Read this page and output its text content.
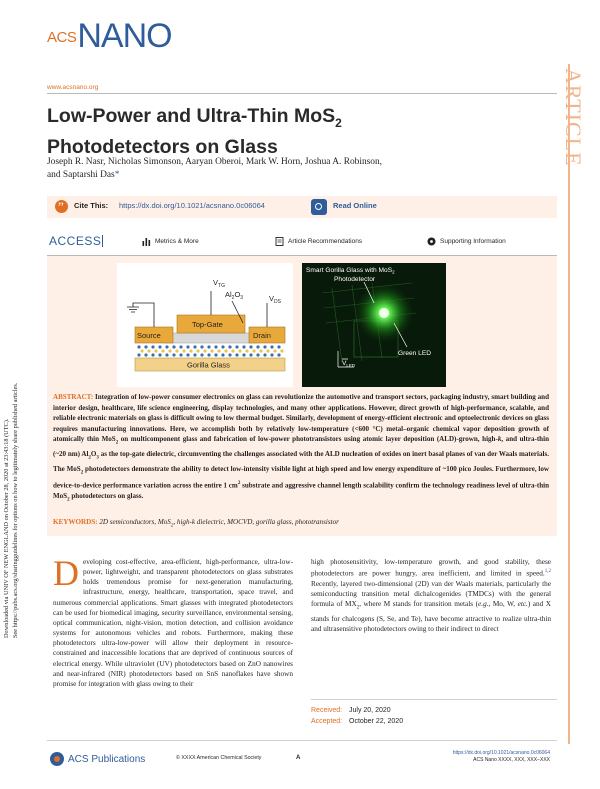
ACS NANO
www.acsnano.org	ARTICLE
Downloaded via UNIV OF NEW ENGLAND on October 28, 2020 at 23:43:18 (UTC). See https://pubs.acs.org/sharingguidelines for options on how to legitimately share published articles.
Low-Power and Ultra-Thin MoS$_2$
Photodetectors on Glass
Joseph R. Nasr, Nicholas Simonson, Aaryan Oberoi, Mark W. Horn, Joshua A. Robinson,
and Saptarshi Das*
”
Cite This: https://dx.doi.org/10.1021/acsnano.0c06064	Read Online
ACCESS	Metrics & More	Article Recommendations	Supporting Information
$V_{TG}$
$Al_2O_3$	$V_{DS}$
Source
Top-Gate
Drain
Gorilla Glass
Smart Gorilla Glass with MoS$_2$
Photodetector
Green LED
$V_{LED}$
ABSTRACT: Integration of low-power consumer electronics on glass can revolutionize the automotive and transport sectors, packaging industry, smart building and interior design, healthcare, life science engineering, display technologies, and many other applications. However, direct growth of high-performance, scalable, and reliable electronic materials on glass is difficult owing to low thermal budget. Similarly, development of energy-efficient electronic and optoelectronic devices on glass requires manufacturing innovations. Here, we accomplish both by relatively low-temperature (<600 °C) metal–organic chemical vapor deposition growth of atomically thin MoS$_2$ on multicomponent glass and fabrication of low-power phototransistors using atomic layer deposition (ALD)-grown, high-k, and ultra-thin (~20 nm) $Al_2O_3$ as the top-gate dielectric, circumventing the challenges associated with the ALD nucleation of oxides on inert basal planes of van der Waals materials. The MoS$_2$ photodetectors demonstrate the ability to detect low-intensity visible light at high speed and low energy expenditure of ~100 pico Joules. Furthermore, low device-to-device performance variation across the entire 1 $cm^2$ substrate and aggressive channel length scalability confirm the technology readiness level of ultra-thin MoS$_2$ photodetectors on glass.
KEYWORDS: 2D semiconductors, MoS$_2$, high-k dielectric, MOCVD, gorilla glass, phototransistor
Developing cost-effective, area-efficient, high-performance, ultra-low-power, lightweight, and transparent photodetectors on glass substrates holds tremendous promise for next-generation manufacturing, infrastructure, energy, healthcare, transportation, space travel, and numerous commercial applications. Smart glasses with integrated photodetectors can be used for biomedical imaging, security surveillance, environmental sensing, optical communication, night-vision, motion detection, and collision avoidance systems for autonomous vehicles and robots. Furthermore, making these photodetectors ultra-low-power will allow their deployment in resource-constrained and inaccessible locations that are deprived of continuous sources of electrical energy. While ultraviolet (UV) photodetectors based on ZnO nanowires and near-infrared (NIR) photodetectors based on SnS nanoflakes have shown promise for integration with glass owing to their
high photosensitivity, low-temperature growth, and good stability, these photodetectors are power hungry, area inefficient, and limited in speed.$^{1,2}$ Recently, layered two-dimensional (2D) van der Waals materials, particularly the semiconducting transition metal dichalcogenides (TMDCs) with the general formula of $MX_2$, where M stands for transition metals (e.g., Mo, W, etc.) and X stands for chalcogens (S, Se, and Te), have become attractive to realize ultra-thin and ultrasensitive photodetectors owing to their indirect to direct
Received: July 20, 2020
Accepted: October 22, 2020
ACS Publications	© XXXX American Chemical Society	A
https://dx.doi.org/10.1021/acsnano.0c06064
ACS Nano XXXX, XXX, XXX−XXX
